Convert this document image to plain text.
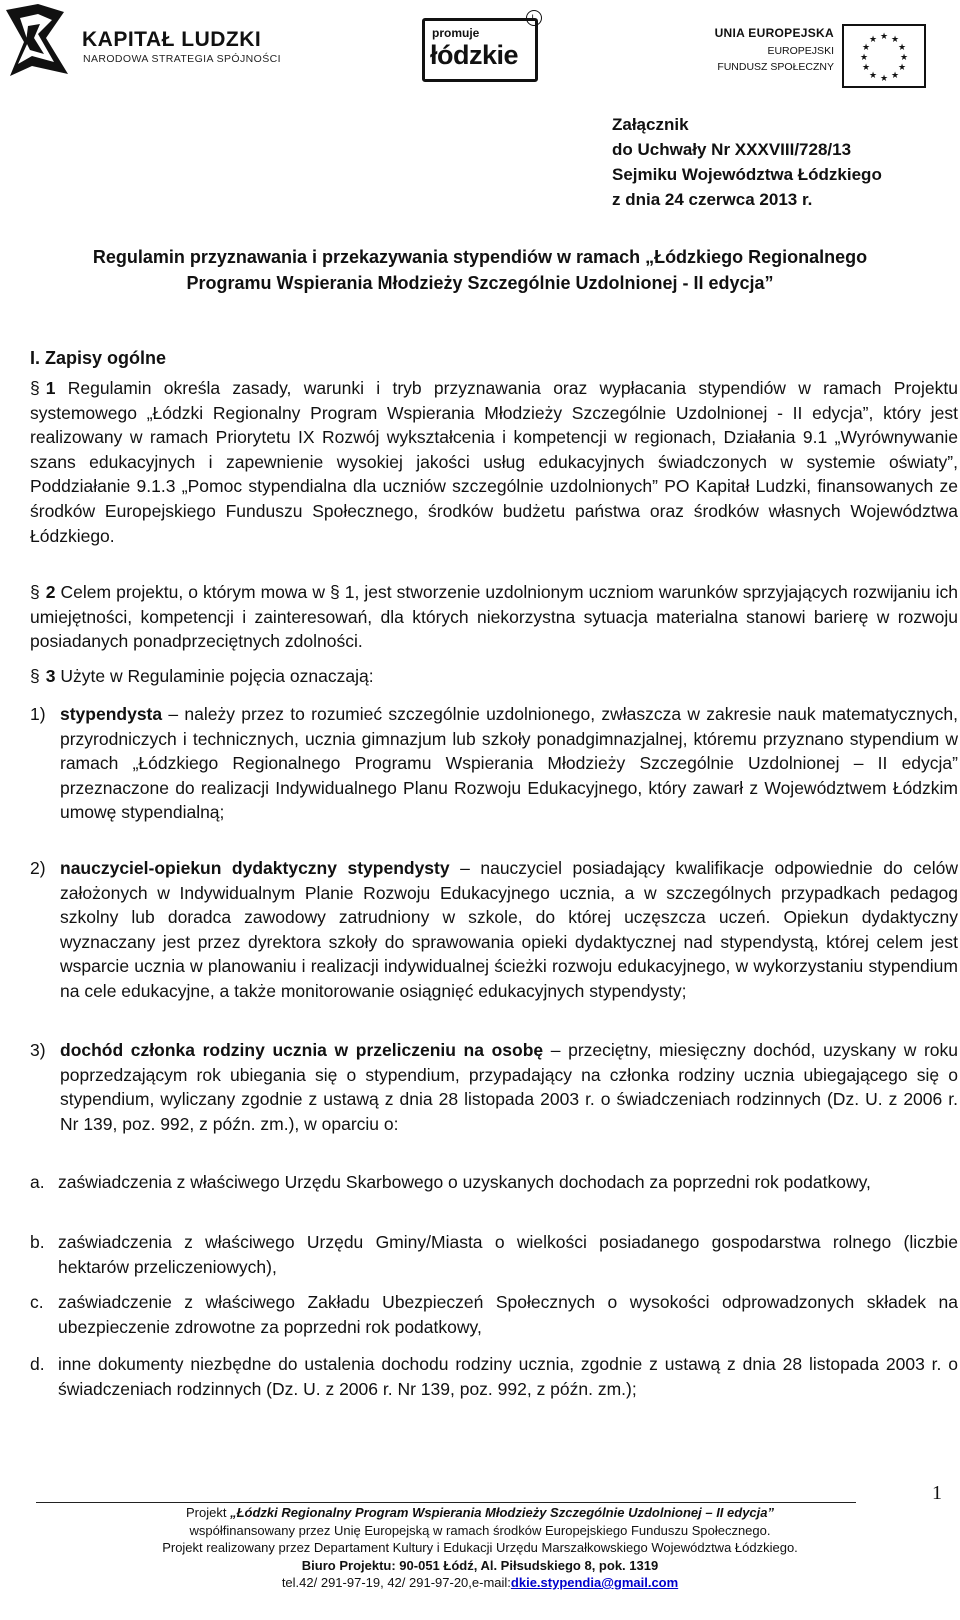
KAPITAŁ LUDZKI
NARODOWA STRATEGIA SPÓJNOŚCI
promuje
łódzkie
L
UNIA EUROPEJSKA
EUROPEJSKI
FUNDUSZ SPOŁECZNY
★ ★
★
★
★
★
★
★
★
★
★
★
Załącznik
do Uchwały Nr XXXVIII/728/13
Sejmiku Województwa Łódzkiego
z dnia 24 czerwca 2013 r.
Regulamin przyznawania i przekazywania stypendiów w ramach „Łódzkiego Regionalnego
Programu Wspierania Młodzieży Szczególnie Uzdolnionej - II edycja”
I. Zapisy ogólne

§ 1 Regulamin określa zasady, warunki i tryb przyznawania oraz wypłacania stypendiów w ramach Projektu systemowego „Łódzki Regionalny Program Wspierania Młodzieży Szczególnie Uzdolnionej - II edycja”, który jest realizowany w ramach Priorytetu IX Rozwój wykształcenia i kompetencji w regionach, Działania 9.1 „Wyrównywanie szans edukacyjnych i zapewnienie wysokiej jakości usług edukacyjnych świadczonych w systemie oświaty”, Poddziałanie 9.1.3 „Pomoc stypendialna dla uczniów szczególnie uzdolnionych” PO Kapitał Ludzki, finansowanych ze środków Europejskiego Funduszu Społecznego, środków budżetu państwa oraz środków własnych Województwa Łódzkiego.

§ 2 Celem projektu, o którym mowa w § 1, jest stworzenie uzdolnionym uczniom warunków sprzyjających rozwijaniu ich umiejętności, kompetencji i zainteresowań, dla których niekorzystna sytuacja materialna stanowi barierę w rozwoju posiadanych ponadprzeciętnych zdolności.

§ 3 Użyte w Regulaminie pojęcia oznaczają:

1) stypendysta – należy przez to rozumieć szczególnie uzdolnionego, zwłaszcza w zakresie nauk matematycznych, przyrodniczych i technicznych, ucznia gimnazjum lub szkoły ponadgimnazjalnej, któremu przyznano stypendium w ramach „Łódzkiego Regionalnego Programu Wspierania Młodzieży Szczególnie Uzdolnionej – II edycja” przeznaczone do realizacji Indywidualnego Planu Rozwoju Edukacyjnego, który zawarł z Województwem Łódzkim umowę stypendialną;
2) nauczyciel-opiekun dydaktyczny stypendysty – nauczyciel posiadający kwalifikacje odpowiednie do celów założonych w Indywidualnym Planie Rozwoju Edukacyjnego ucznia, a w szczególnych przypadkach pedagog szkolny lub doradca zawodowy zatrudniony w szkole, do której uczęszcza uczeń. Opiekun dydaktyczny wyznaczany jest przez dyrektora szkoły do sprawowania opieki dydaktycznej nad stypendystą, której celem jest wsparcie ucznia w planowaniu i realizacji indywidualnej ścieżki rozwoju edukacyjnego, w wykorzystaniu stypendium na cele edukacyjne, a także monitorowanie osiągnięć edukacyjnych stypendysty;
3) dochód członka rodziny ucznia w przeliczeniu na osobę – przeciętny, miesięczny dochód, uzyskany w roku poprzedzającym rok ubiegania się o stypendium, przypadający na członka rodziny ucznia ubiegającego się o stypendium, wyliczany zgodnie z ustawą z dnia 28 listopada 2003 r. o świadczeniach rodzinnych (Dz. U. z 2006 r. Nr 139, poz. 992, z późn. zm.), w oparciu o:
a. zaświadczenia z właściwego Urzędu Skarbowego o uzyskanych dochodach za poprzedni rok podatkowy,
b. zaświadczenia z właściwego Urzędu Gminy/Miasta o wielkości posiadanego gospodarstwa rolnego (liczbie hektarów przeliczeniowych),
c. zaświadczenie z właściwego Zakładu Ubezpieczeń Społecznych o wysokości odprowadzonych składek na ubezpieczenie zdrowotne za poprzedni rok podatkowy,
d. inne dokumenty niezbędne do ustalenia dochodu rodziny ucznia, zgodnie z ustawą z dnia 28 listopada 2003 r. o świadczeniach rodzinnych (Dz. U. z 2006 r. Nr 139, poz. 992, z późn. zm.);
1
Projekt „Łódzki Regionalny Program Wspierania Młodzieży Szczególnie Uzdolnionej – II edycja”
współfinansowany przez Unię Europejską w ramach środków Europejskiego Funduszu Społecznego.
Projekt realizowany przez Departament Kultury i Edukacji Urzędu Marszałkowskiego Województwa Łódzkiego.
Biuro Projektu: 90-051 Łódź, Al. Piłsudskiego 8, pok. 1319
tel.42/ 291-97-19, 42/ 291-97-20,e-mail:dkie.stypendia@gmail.com
